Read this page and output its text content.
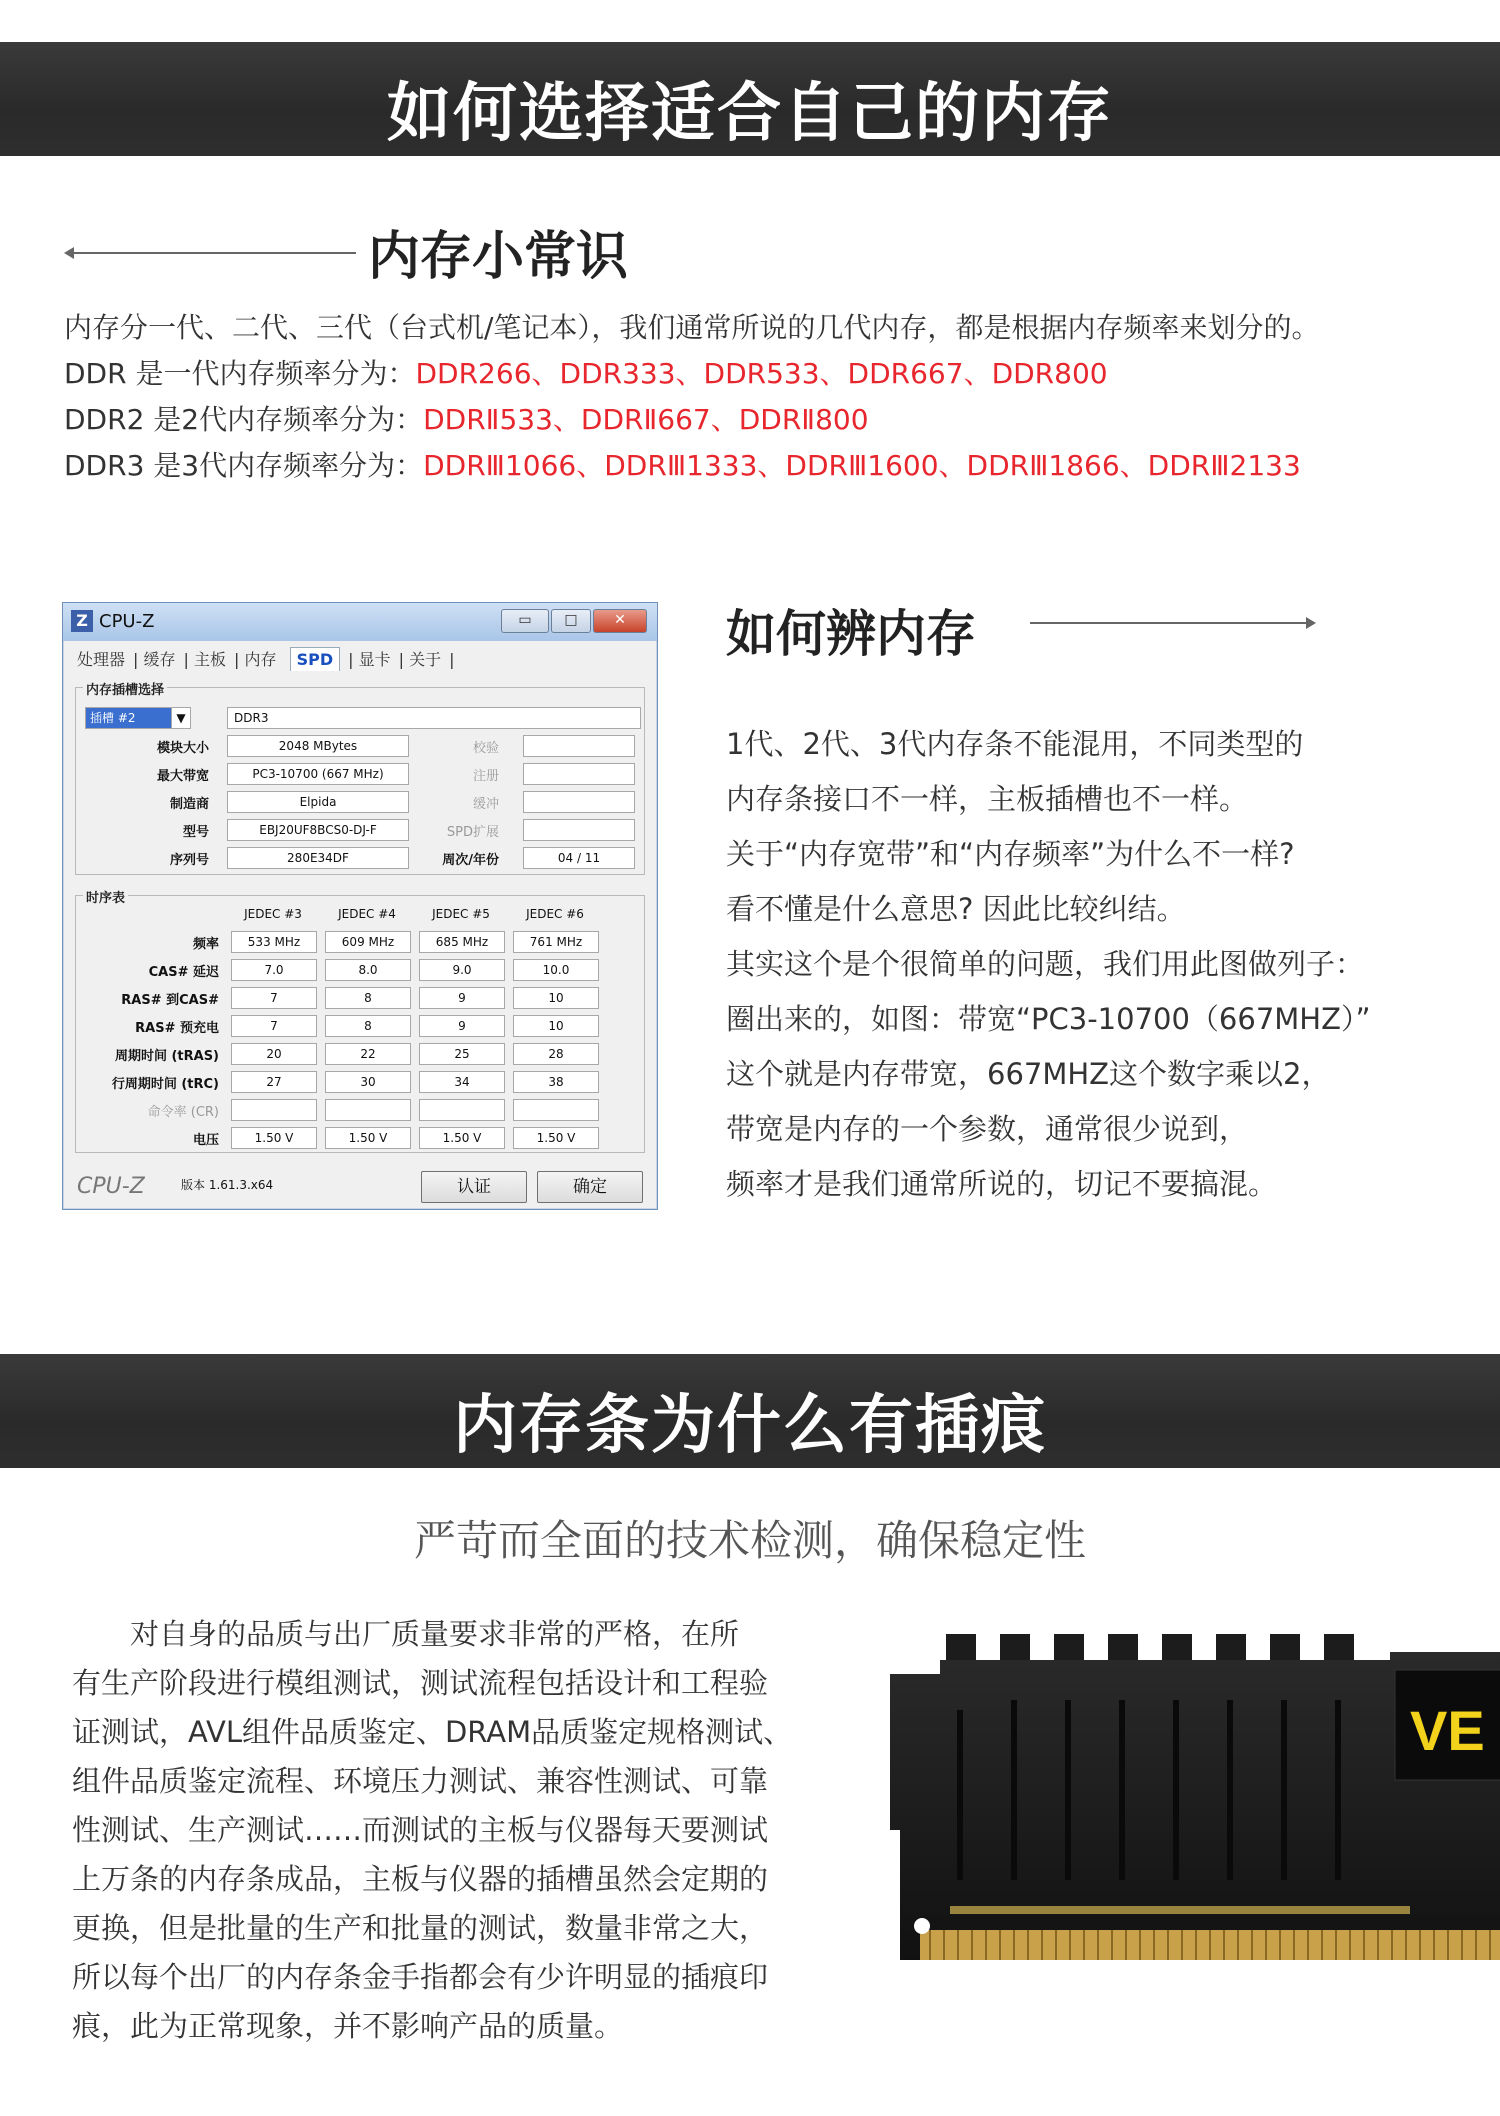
如何选择适合自己的内存
内存小常识
内存分一代、二代、三代（台式机/笔记本），我们通常所说的几代内存，都是根据内存频率来划分的。
DDR 是一代内存频率分为：DDR266、DDR333、DDR533、DDR667、DDR800
DDR2 是2代内存频率分为：DDRⅡ533、DDRⅡ667、DDRⅡ800
DDR3 是3代内存频率分为：DDRⅢ1066、DDRⅢ1333、DDRⅢ1600、DDRⅢ1866、DDRⅢ2133
Z CPU-Z	▭	□	✕
处理器 | 缓存 | 主板 | 内存 SPD | 显卡 | 关于 |
内存插槽选择
插槽 #2	▼	DDR3
模块大小	2048 MBytes	校验
最大带宽	PC3-10700 (667 MHz)	注册
制造商	Elpida	缓冲
型号	EBJ20UF8BCS0-DJ-F	SPD扩展
序列号	280E34DF	周次/年份	04 / 11
时序表
JEDEC #3	JEDEC #4	JEDEC #5	JEDEC #6
频率	533 MHz	609 MHz	685 MHz	761 MHz
CAS# 延迟	7.0	8.0	9.0	10.0
RAS# 到CAS#	7	8	9	10
RAS# 预充电	7	8	9	10
周期时间 (tRAS)	20	22	25	28
行周期时间 (tRC)	27	30	34	38
命令率 (CR)
电压	1.50 V	1.50 V	1.50 V	1.50 V
CPU-Z	版本 1.61.3.x64	认证	确定
如何辨内存
1代、2代、3代内存条不能混用，不同类型的
内存条接口不一样，主板插槽也不一样。
关于“内存宽带”和“内存频率”为什么不一样?
看不懂是什么意思? 因此比较纠结。
其实这个是个很简单的问题，我们用此图做列子：
圈出来的，如图：带宽“PC3-10700（667MHZ）”
这个就是内存带宽，667MHZ这个数字乘以2，
带宽是内存的一个参数，通常很少说到，
频率才是我们通常所说的，切记不要搞混。
内存条为什么有插痕
严苛而全面的技术检测，确保稳定性
　　对自身的品质与出厂质量要求非常的严格，在所
有生产阶段进行模组测试，测试流程包括设计和工程验
证测试，AVL组件品质鉴定、DRAM品质鉴定规格测试、
组件品质鉴定流程、环境压力测试、兼容性测试、可靠
性测试、生产测试……而测试的主板与仪器每天要测试
上万条的内存条成品，主板与仪器的插槽虽然会定期的
更换，但是批量的生产和批量的测试，数量非常之大，
所以每个出厂的内存条金手指都会有少许明显的插痕印
痕，此为正常现象，并不影响产品的质量。
VE
